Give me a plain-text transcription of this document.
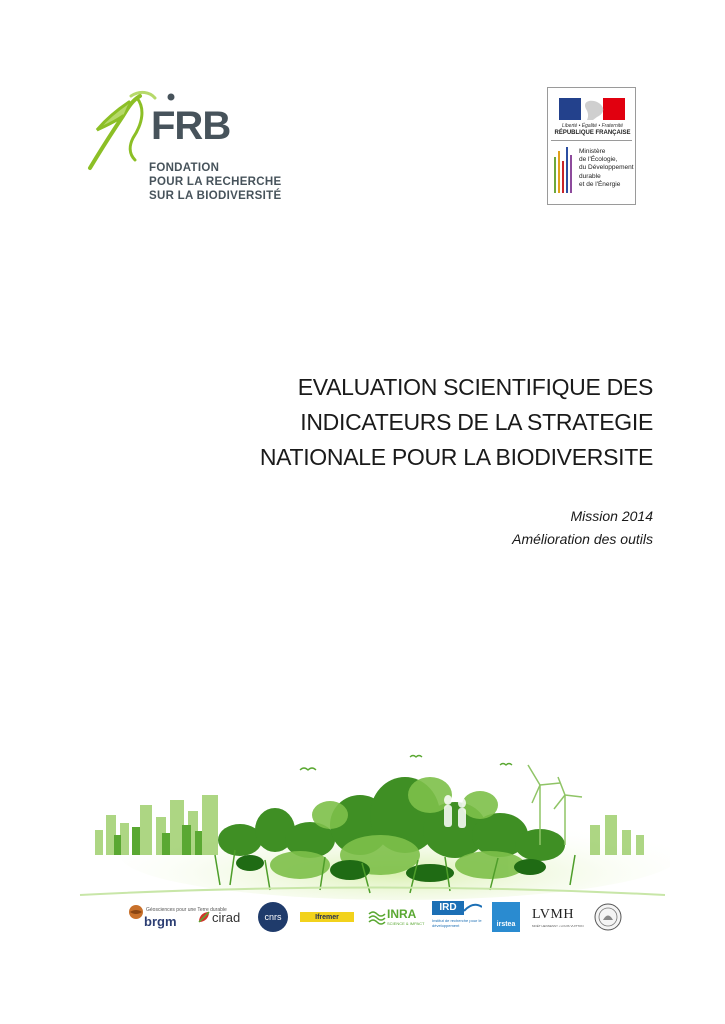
FRB
FONDATION
POUR LA RECHERCHE
SUR LA BIODIVERSITÉ
Liberté • Égalité • Fraternité
RÉPUBLIQUE FRANÇAISE
Ministère
de l'Écologie,
du Développement
durable
et de l'Énergie
EVALUATION SCIENTIFIQUE DES
INDICATEURS DE LA STRATEGIE
NATIONALE POUR LA BIODIVERSITE
Mission 2014
Amélioration des outils
Géosciences pour une Terre durable
brgm	cirad	cnrs	Ifremer	INRA
SCIENCE & IMPACT
IRD
Institut de recherche pour le développement	irstea
LVMH
MOËT HENNESSY • LOUIS VUITTON
